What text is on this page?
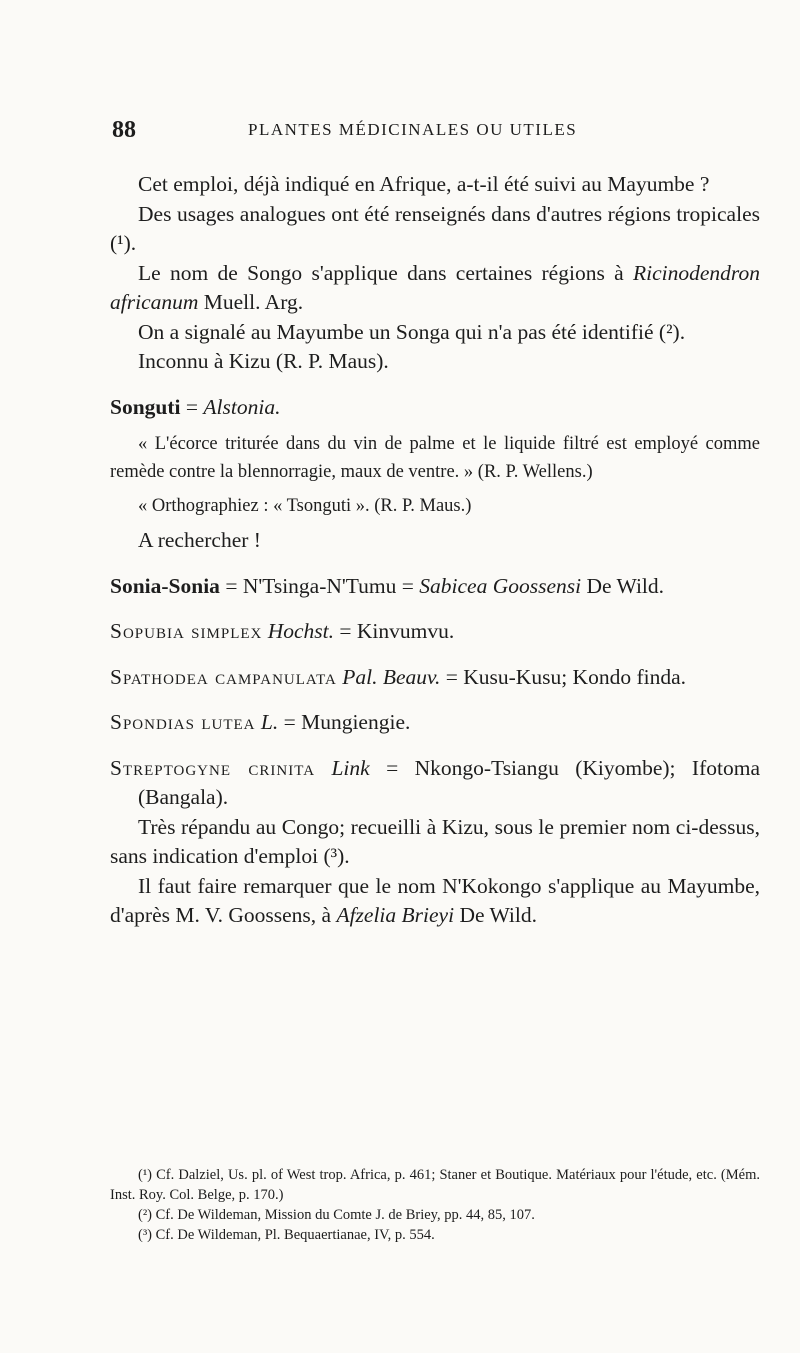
88	PLANTES MÉDICINALES OU UTILES

Cet emploi, déjà indiqué en Afrique, a-t-il été suivi au Mayumbe ?

Des usages analogues ont été renseignés dans d'autres régions tropicales (¹).

Le nom de Songo s'applique dans certaines régions à Ricinodendron africanum Muell. Arg.

On a signalé au Mayumbe un Songa qui n'a pas été identifié (²).

Inconnu à Kizu (R. P. Maus).

Songuti = Alstonia.

« L'écorce triturée dans du vin de palme et le liquide filtré est employé comme remède contre la blennorragie, maux de ventre. » (R. P. Wellens.)

« Orthographiez : « Tsonguti ». (R. P. Maus.)

A rechercher !

Sonia-Sonia = N'Tsinga-N'Tumu = Sabicea Goossensi De Wild.

Sopubia simplex Hochst. = Kinvumvu.

Spathodea campanulata Pal. Beauv. = Kusu-Kusu; Kondo finda.

Spondias lutea L. = Mungiengie.

Streptogyne crinita Link = Nkongo-Tsiangu (Kiyombe); Ifotoma (Bangala).

Très répandu au Congo; recueilli à Kizu, sous le premier nom ci-dessus, sans indication d'emploi (³).

Il faut faire remarquer que le nom N'Kokongo s'applique au Mayumbe, d'après M. V. Goossens, à Afzelia Brieyi De Wild.

(¹) Cf. Dalziel, Us. pl. of West trop. Africa, p. 461; Staner et Boutique. Matériaux pour l'étude, etc. (Mém. Inst. Roy. Col. Belge, p. 170.)

(²) Cf. De Wildeman, Mission du Comte J. de Briey, pp. 44, 85, 107.

(³) Cf. De Wildeman, Pl. Bequaertianae, IV, p. 554.
